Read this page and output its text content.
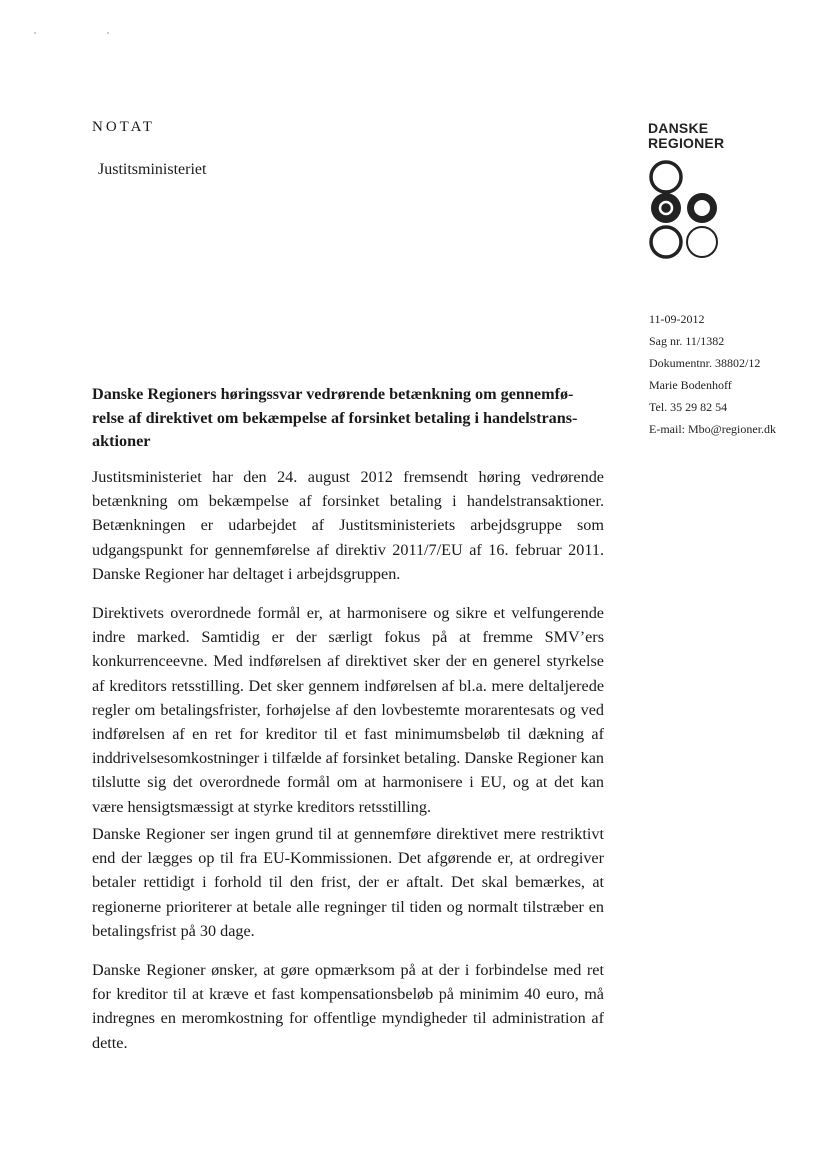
NOTAT
Justitsministeriet
DANSKE
REGIONER
11-09-2012
Sag nr. 11/1382
Dokumentnr. 38802/12
Marie Bodenhoff
Tel. 35 29 82 54
E-mail: Mbo@regioner.dk
Danske Regioners høringssvar vedrørende betænkning om gennemfø-relse af direktivet om bekæmpelse af forsinket betaling i handelstrans-aktioner
Justitsministeriet har den 24. august 2012 fremsendt høring vedrørende betænkning om bekæmpelse af forsinket betaling i handelstransaktioner. Betænkningen er udarbejdet af Justitsministeriets arbejdsgruppe som udgangspunkt for gennemførelse af direktiv 2011/7/EU af 16. februar 2011. Danske Regioner har deltaget i arbejdsgruppen.
Direktivets overordnede formål er, at harmonisere og sikre et velfungerende indre marked. Samtidig er der særligt fokus på at fremme SMV’ers konkurrenceevne. Med indførelsen af direktivet sker der en generel styrkelse af kreditors retsstilling. Det sker gennem indførelsen af bl.a. mere deltaljerede regler om betalingsfrister, forhøjelse af den lovbestemte morarentesats og ved indførelsen af en ret for kreditor til et fast minimumsbeløb til dækning af inddrivelsesomkostninger i tilfælde af forsinket betaling. Danske Regioner kan tilslutte sig det overordnede formål om at harmonisere i EU, og at det kan være hensigtsmæssigt at styrke kreditors retsstilling.
Danske Regioner ser ingen grund til at gennemføre direktivet mere restriktivt end der lægges op til fra EU-Kommissionen. Det afgørende er, at ordregiver betaler rettidigt i forhold til den frist, der er aftalt. Det skal bemærkes, at regionerne prioriterer at betale alle regninger til tiden og normalt tilstræber en betalingsfrist på 30 dage.
Danske Regioner ønsker, at gøre opmærksom på at der i forbindelse med ret for kreditor til at kræve et fast kompensationsbeløb på minimim 40 euro, må indregnes en meromkostning for offentlige myndigheder til administration af dette.
